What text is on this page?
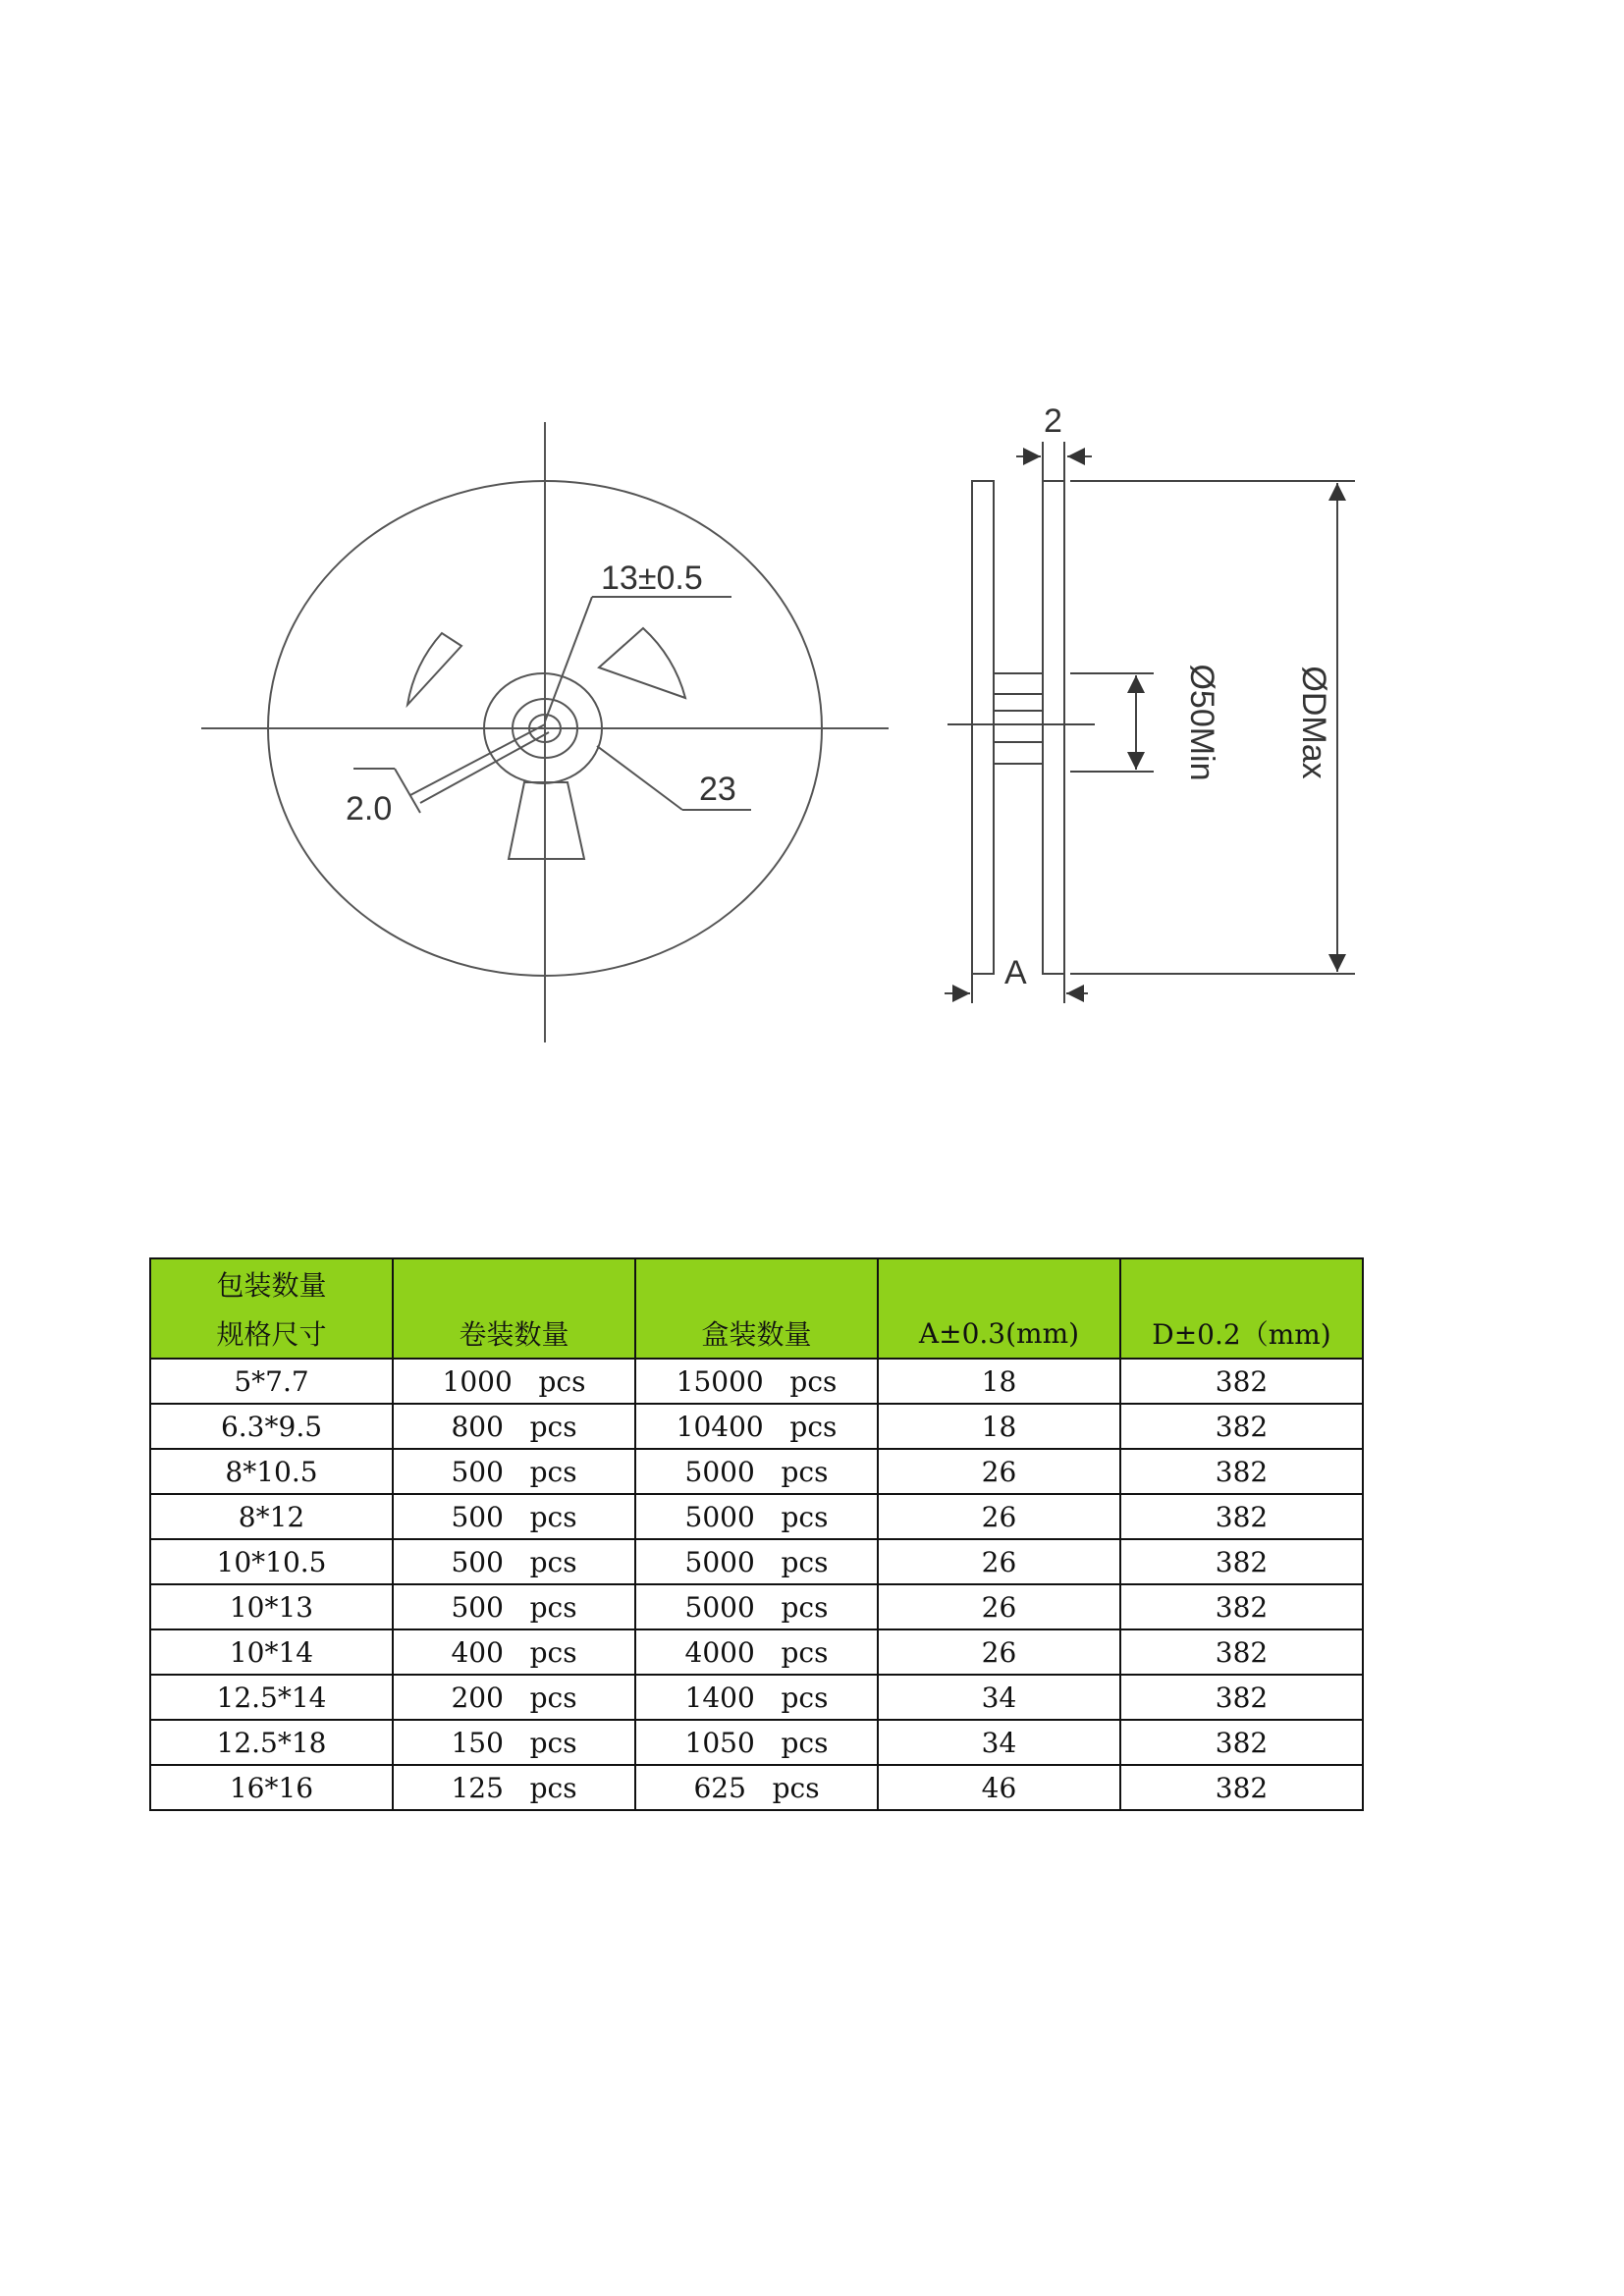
13±0.5
23
2.0
2
A
Ø50Min ØDMax
包装数量				
规格尺寸	卷装数量	盒装数量	A±0.3(mm)	D±0.2（mm)
5*7.7	1000   pcs	15000   pcs	18	382
6.3*9.5	800   pcs	10400   pcs	18	382
8*10.5	500   pcs	5000   pcs	26	382
8*12	500   pcs	5000   pcs	26	382
10*10.5	500   pcs	5000   pcs	26	382
10*13	500   pcs	5000   pcs	26	382
10*14	400   pcs	4000   pcs	26	382
12.5*14	200   pcs	1400   pcs	34	382
12.5*18	150   pcs	1050   pcs	34	382
16*16	125   pcs	625   pcs	46	382
